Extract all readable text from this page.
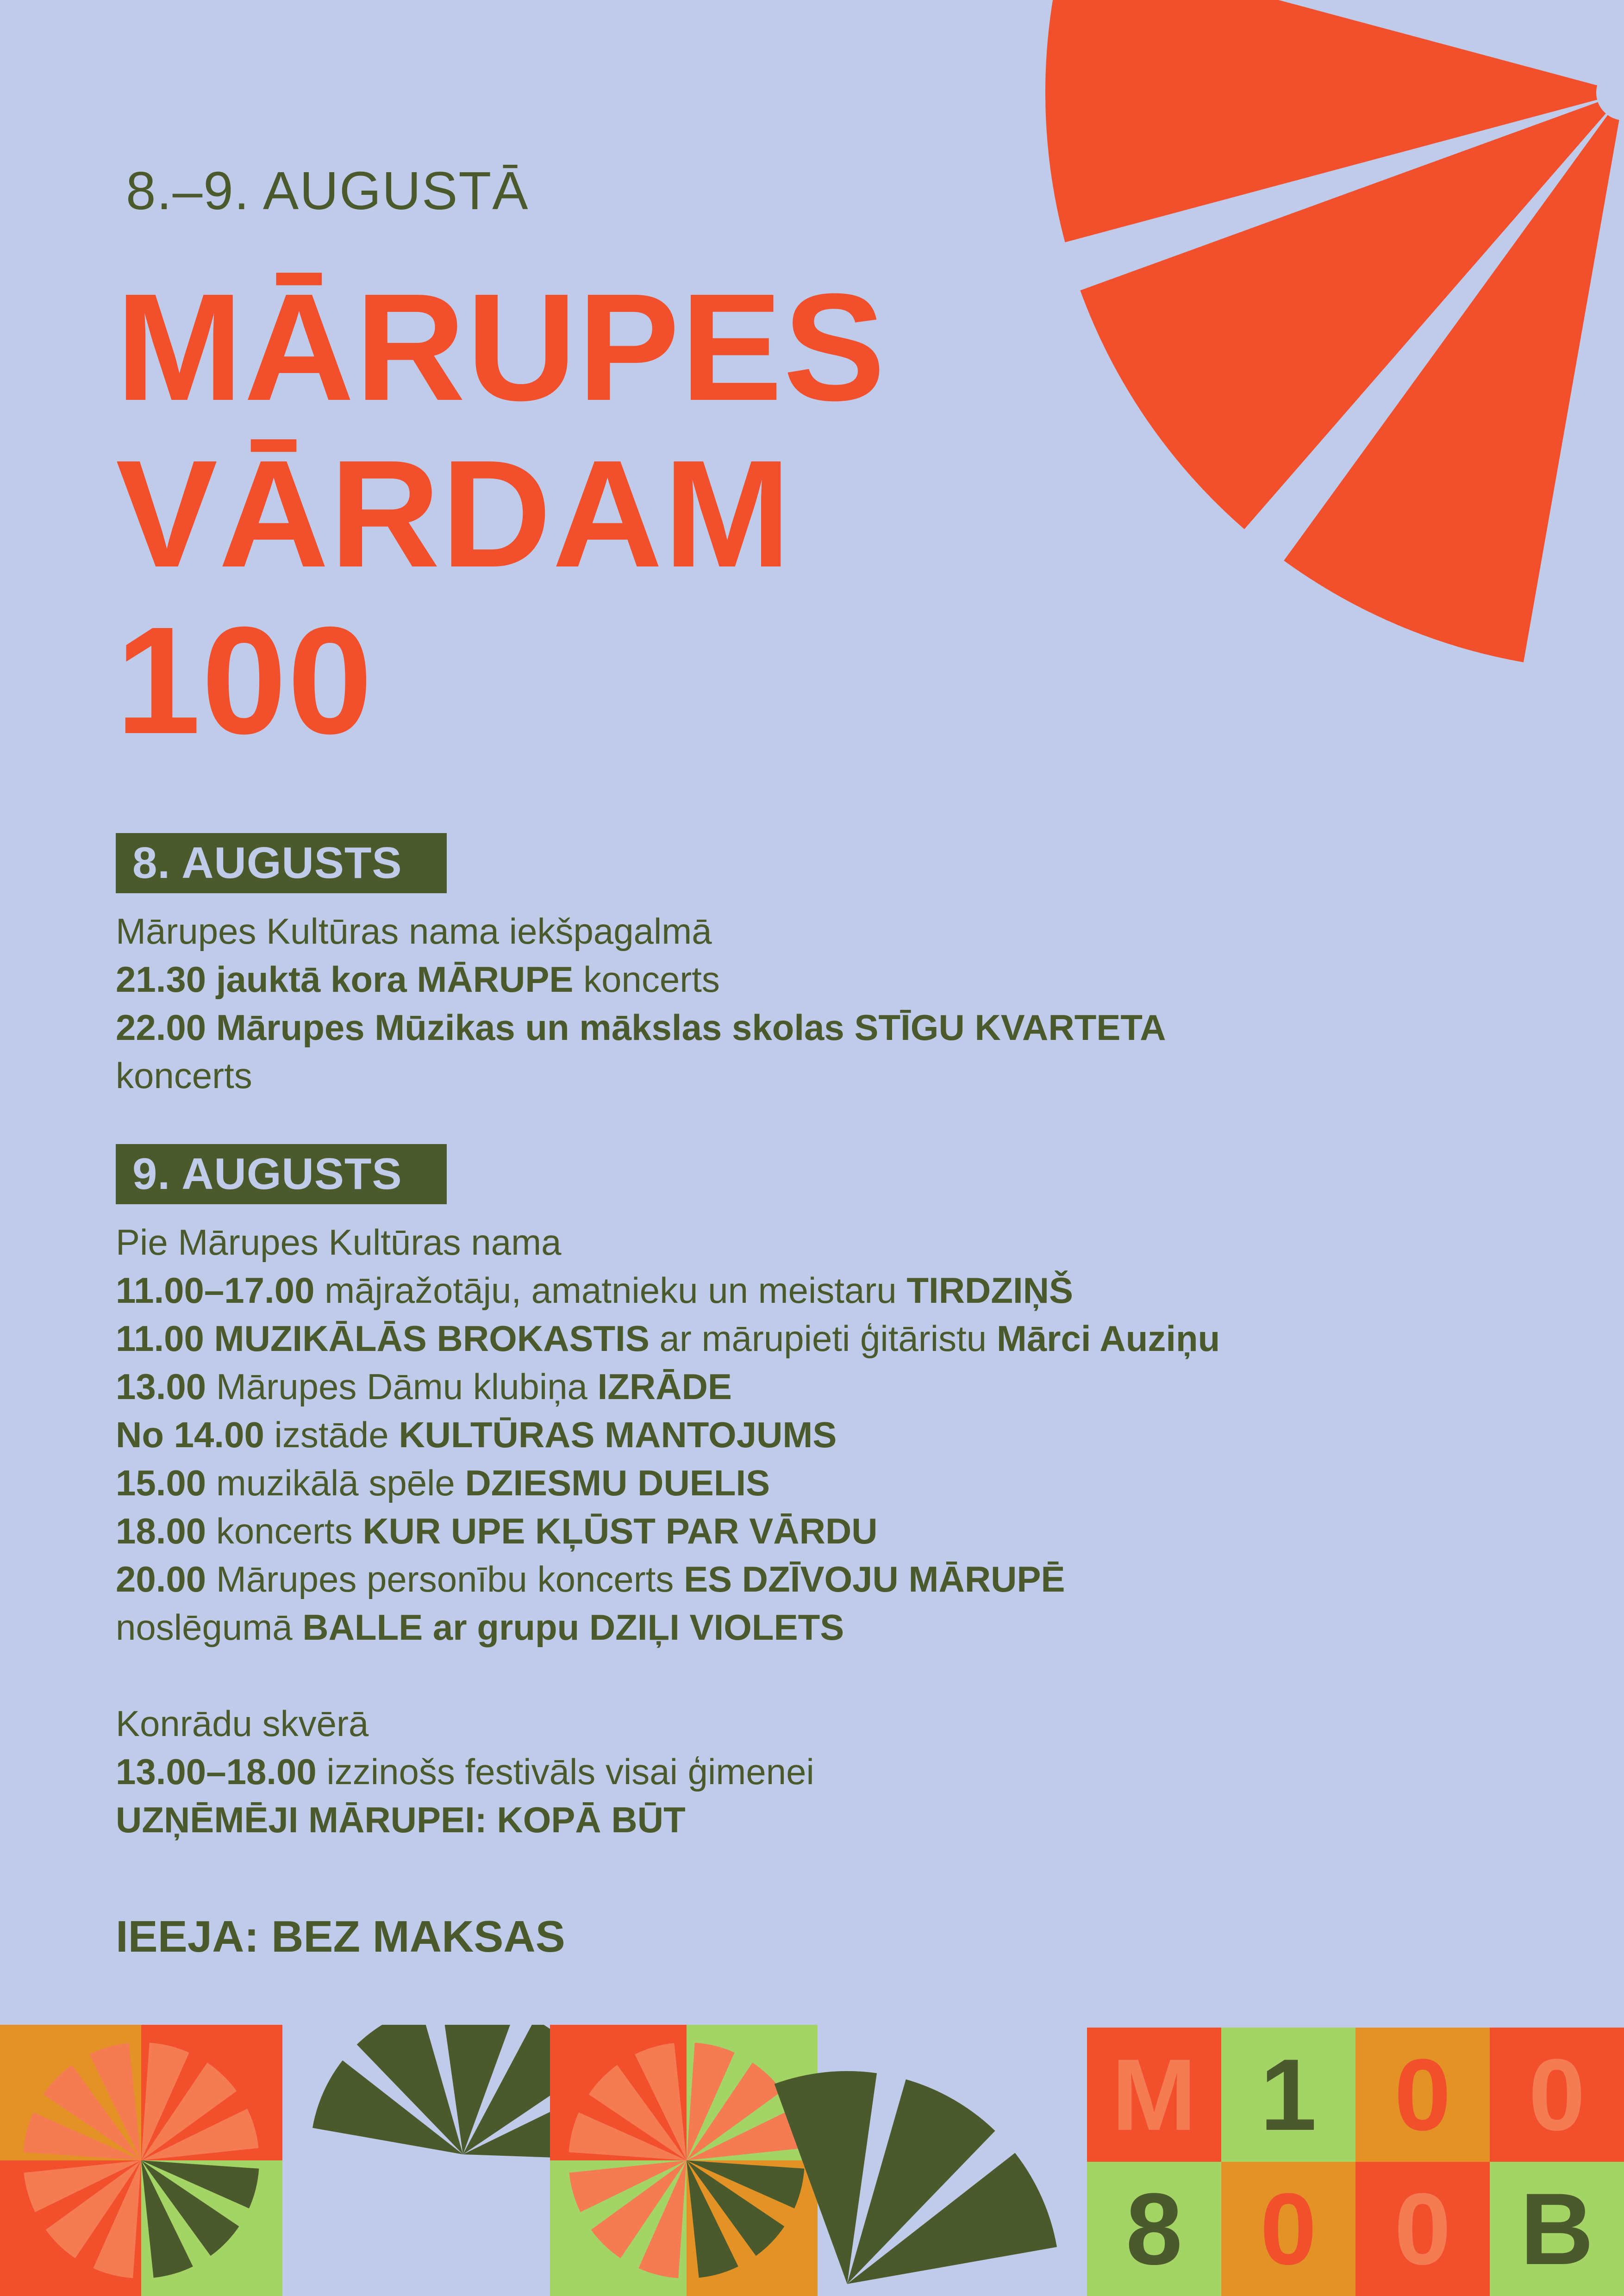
8.–9. AUGUSTĀ
MĀRUPES
VĀRDAM
100
8. AUGUSTS
Mārupes Kultūras nama iekšpagalmā
21.30 jauktā kora MĀRUPE koncerts
22.00 Mārupes Mūzikas un mākslas skolas STĪGU KVARTETA
koncerts
9. AUGUSTS
Pie Mārupes Kultūras nama
11.00–17.00 mājražotāju, amatnieku un meistaru TIRDZIŅŠ
11.00 MUZIKĀLĀS BROKASTIS ar mārupieti ģitāristu Mārci Auziņu
13.00 Mārupes Dāmu klubiņa IZRĀDE
No 14.00 izstāde KULTŪRAS MANTOJUMS
15.00 muzikālā spēle DZIESMU DUELIS
18.00 koncerts KUR UPE KĻŪST PAR VĀRDU
20.00 Mārupes personību koncerts ES DZĪVOJU MĀRUPĒ
noslēgumā BALLE ar grupu DZIĻI VIOLETS
Konrādu skvērā
13.00–18.00 izzinošs festivāls visai ģimenei
UZŅĒMĒJI MĀRUPEI: KOPĀ BŪT
IEEJA: BEZ MAKSAS
M 1 0 0
8 0 0 B
